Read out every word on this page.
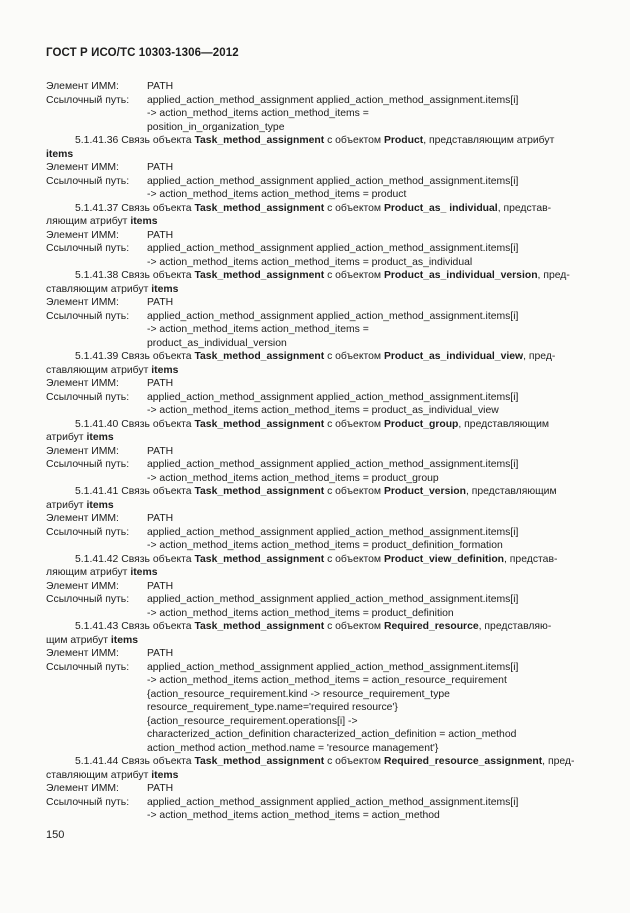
ГОСТ Р ИСО/ТС 10303-1306—2012
Элемент ИММ:	PATH
Ссылочный путь:	applied_action_method_assignment applied_action_method_assignment.items[i]
-> action_method_items action_method_items =
position_in_organization_type
5.1.41.36 Связь объекта Task_method_assignment с объектом Product, представляющим атрибут
items
Элемент ИММ:	PATH
Ссылочный путь:	applied_action_method_assignment applied_action_method_assignment.items[i]
-> action_method_items action_method_items = product
5.1.41.37 Связь объекта Task_method_assignment с объектом Product_as_ individual, представ-
ляющим атрибут items
Элемент ИММ:	PATH
Ссылочный путь:	applied_action_method_assignment applied_action_method_assignment.items[i]
-> action_method_items action_method_items = product_as_individual
5.1.41.38 Связь объекта Task_method_assignment с объектом Product_as_individual_version, пред-
ставляющим атрибут items
Элемент ИММ:	PATH
Ссылочный путь:	applied_action_method_assignment applied_action_method_assignment.items[i]
-> action_method_items action_method_items =
product_as_individual_version
5.1.41.39 Связь объекта Task_method_assignment с объектом Product_as_individual_view, пред-
ставляющим атрибут items
Элемент ИММ:	PATH
Ссылочный путь:	applied_action_method_assignment applied_action_method_assignment.items[i]
-> action_method_items action_method_items = product_as_individual_view
5.1.41.40 Связь объекта Task_method_assignment с объектом Product_group, представляющим
атрибут items
Элемент ИММ:	PATH
Ссылочный путь:	applied_action_method_assignment applied_action_method_assignment.items[i]
-> action_method_items action_method_items = product_group
5.1.41.41 Связь объекта Task_method_assignment с объектом Product_version, представляющим
атрибут items
Элемент ИММ:	PATH
Ссылочный путь:	applied_action_method_assignment applied_action_method_assignment.items[i]
-> action_method_items action_method_items = product_definition_formation
5.1.41.42 Связь объекта Task_method_assignment с объектом Product_view_definition, представ-
ляющим атрибут items
Элемент ИММ:	PATH
Ссылочный путь:	applied_action_method_assignment applied_action_method_assignment.items[i]
-> action_method_items action_method_items = product_definition
5.1.41.43 Связь объекта Task_method_assignment с объектом Required_resource, представляю-
щим атрибут items
Элемент ИММ:	PATH
Ссылочный путь:	applied_action_method_assignment applied_action_method_assignment.items[i]
-> action_method_items action_method_items = action_resource_requirement
{action_resource_requirement.kind -> resource_requirement_type
resource_requirement_type.name='required resource'}
{action_resource_requirement.operations[i] ->
characterized_action_definition characterized_action_definition = action_method
action_method action_method.name = 'resource management'}
5.1.41.44 Связь объекта Task_method_assignment с объектом Required_resource_assignment, пред-
ставляющим атрибут items
Элемент ИММ:	PATH
Ссылочный путь:	applied_action_method_assignment applied_action_method_assignment.items[i]
-> action_method_items action_method_items = action_method
150
